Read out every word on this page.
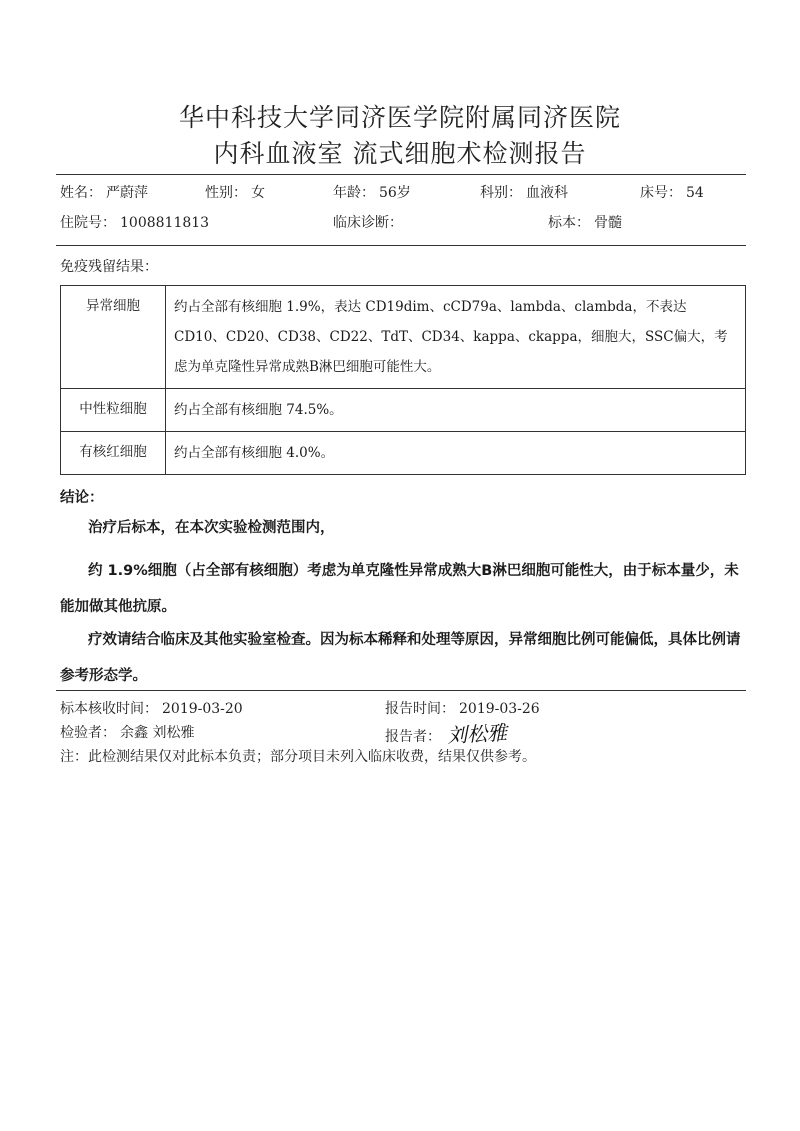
华中科技大学同济医学院附属同济医院
内科血液室 流式细胞术检测报告
姓名： 严蔚萍	性别： 女	年龄： 56岁	科别： 血液科	床号： 54
住院号： 1008811813	临床诊断：	标本： 骨髓
免疫残留结果：
异常细胞	约占全部有核细胞 1.9%，表达 CD19dim、cCD79a、lambda、clambda，不表达 CD10、CD20、CD38、CD22、TdT、CD34、kappa、ckappa，细胞大，SSC偏大，考虑为单克隆性异常成熟B淋巴细胞可能性大。
中性粒细胞	约占全部有核细胞 74.5%。
有核红细胞	约占全部有核细胞 4.0%。
结论：
治疗后标本，在本次实验检测范围内，
约 1.9%细胞（占全部有核细胞）考虑为单克隆性异常成熟大B淋巴细胞可能性大，由于标本量少，未能加做其他抗原。
疗效请结合临床及其他实验室检查。因为标本稀释和处理等原因，异常细胞比例可能偏低，具体比例请参考形态学。
标本核收时间： 2019-03-20	报告时间： 2019-03-26
检验者： 余鑫 刘松雅	报告者： 刘松雅
注：此检测结果仅对此标本负责；部分项目未列入临床收费，结果仅供参考。
